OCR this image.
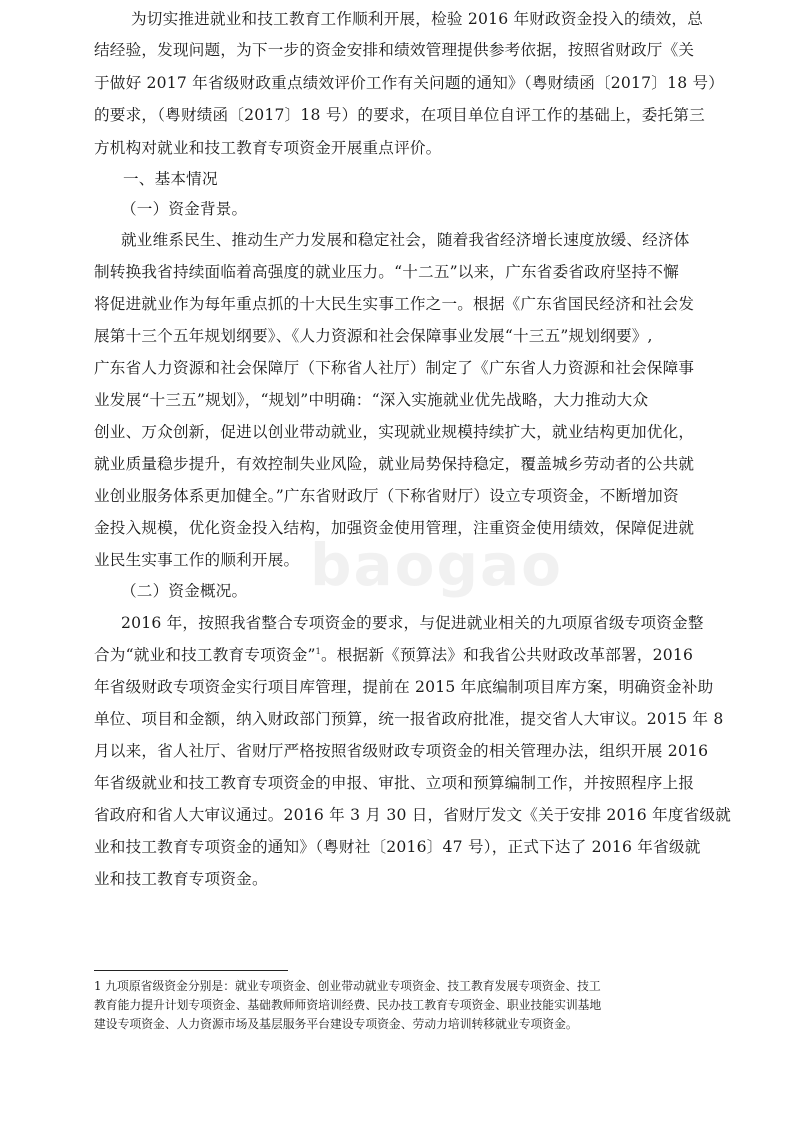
为切实推进就业和技工教育工作顺利开展，检验 2016 年财政资金投入的绩效，总
结经验，发现问题，为下一步的资金安排和绩效管理提供参考依据，按照省财政厅《关
于做好 2017 年省级财政重点绩效评价工作有关问题的通知》（粤财绩函〔2017〕18 号）
的要求，（粤财绩函〔2017〕18 号）的要求，在项目单位自评工作的基础上，委托第三
方机构对就业和技工教育专项资金开展重点评价。
一、基本情况
（一）资金背景。
就业维系民生、推动生产力发展和稳定社会，随着我省经济增长速度放缓、经济体
制转换我省持续面临着高强度的就业压力。“十二五”以来，广东省委省政府坚持不懈
将促进就业作为每年重点抓的十大民生实事工作之一。根据《广东省国民经济和社会发
展第十三个五年规划纲要》、《人力资源和社会保障事业发展“十三五”规划纲要》,
广东省人力资源和社会保障厅（下称省人社厅）制定了《广东省人力资源和社会保障事
业发展“十三五”规划》，“规划”中明确：“深入实施就业优先战略，大力推动大众
创业、万众创新，促进以创业带动就业，实现就业规模持续扩大，就业结构更加优化，
就业质量稳步提升，有效控制失业风险，就业局势保持稳定，覆盖城乡劳动者的公共就
业创业服务体系更加健全。”广东省财政厅（下称省财厅）设立专项资金，不断增加资
金投入规模，优化资金投入结构，加强资金使用管理，注重资金使用绩效，保障促进就
业民生实事工作的顺利开展。
（二）资金概况。
2016 年，按照我省整合专项资金的要求，与促进就业相关的九项原省级专项资金整
合为“就业和技工教育专项资金”$^1$。根据新《预算法》和我省公共财政改革部署，2016
年省级财政专项资金实行项目库管理，提前在 2015 年底编制项目库方案，明确资金补助
单位、项目和金额，纳入财政部门预算，统一报省政府批准，提交省人大审议。2015 年 8
月以来，省人社厅、省财厅严格按照省级财政专项资金的相关管理办法，组织开展 2016
年省级就业和技工教育专项资金的申报、审批、立项和预算编制工作，并按照程序上报
省政府和省人大审议通过。2016 年 3 月 30 日，省财厅发文《关于安排 2016 年度省级就
业和技工教育专项资金的通知》（粤财社〔2016〕47 号），正式下达了 2016 年省级就
业和技工教育专项资金。
1 九项原省级资金分别是：就业专项资金、创业带动就业专项资金、技工教育发展专项资金、技工
教育能力提升计划专项资金、基础教师师资培训经费、民办技工教育专项资金、职业技能实训基地
建设专项资金、人力资源市场及基层服务平台建设专项资金、劳动力培训转移就业专项资金。
baogao
